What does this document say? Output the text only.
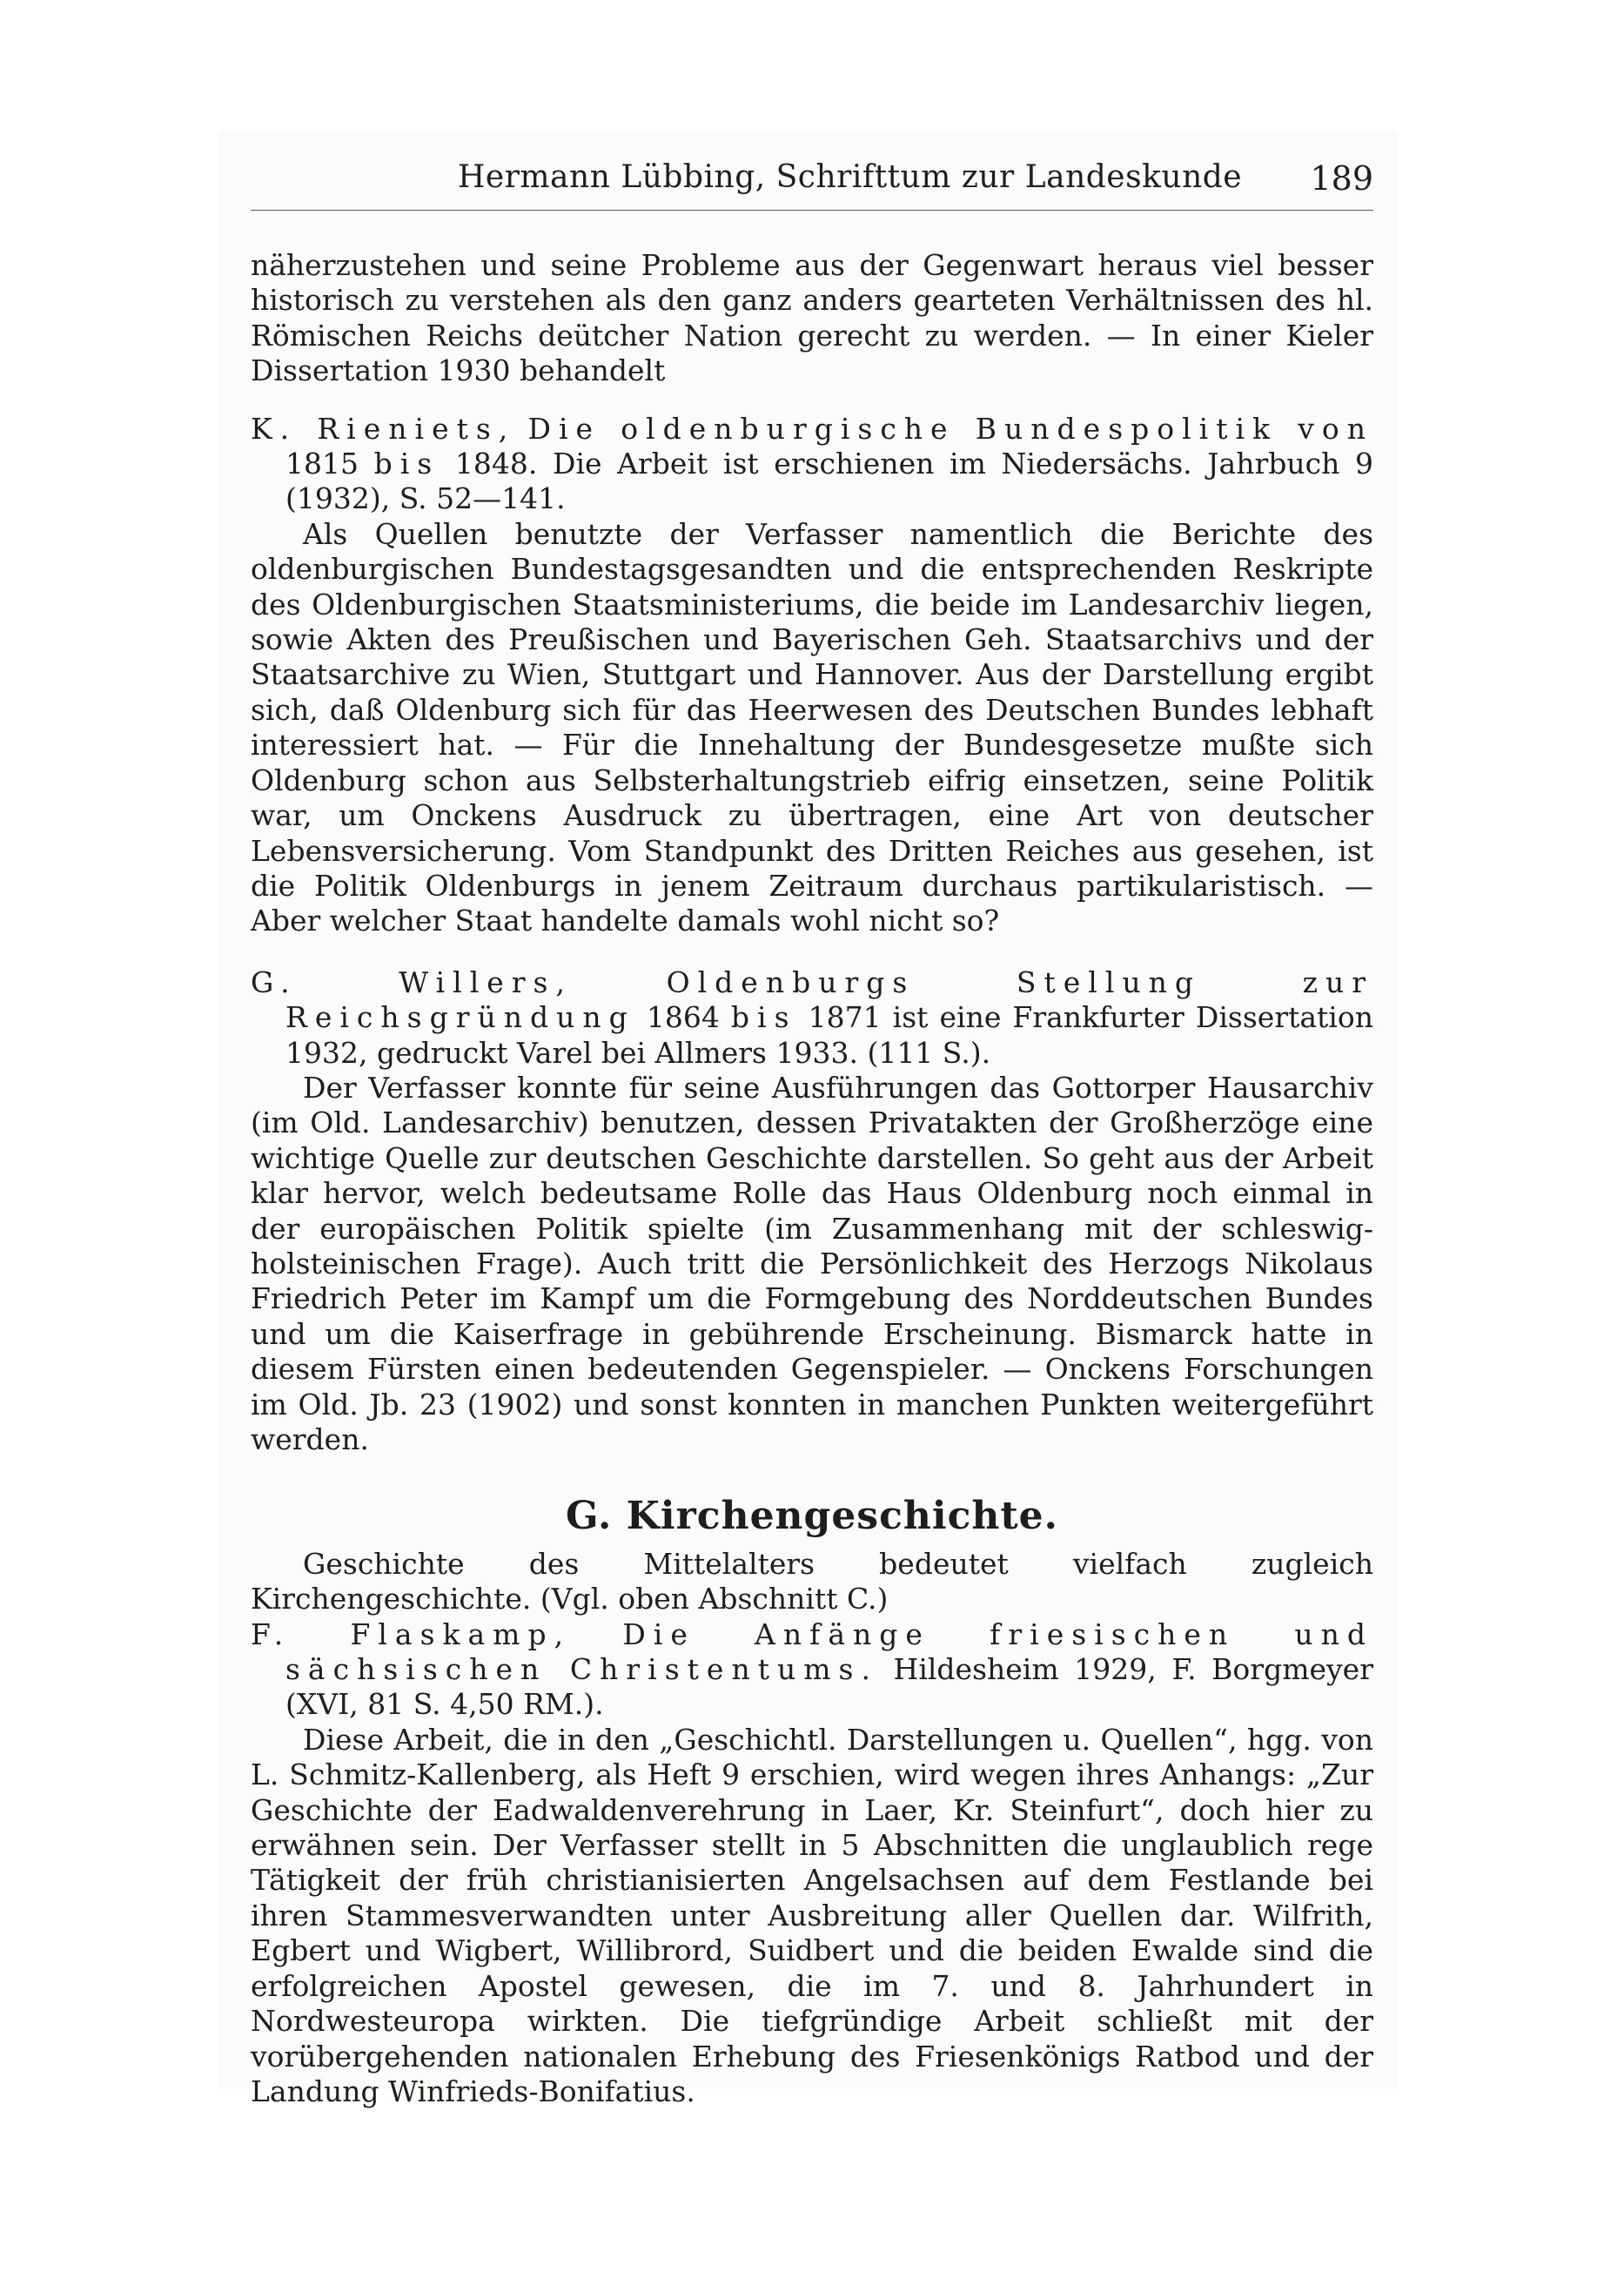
Hermann Lübbing, Schrifttum zur Landeskunde 189

näherzustehen und seine Probleme aus der Gegenwart heraus viel besser historisch zu verstehen als den ganz anders gearteten Verhältnissen des hl. Römischen Reichs deütcher Nation gerecht zu werden. — In einer Kieler Dissertation 1930 behandelt

K. Rieniets, Die oldenburgische Bundespolitik von 1815 bis 1848. Die Arbeit ist erschienen im Niedersächs. Jahrbuch 9 (1932), S. 52—141.

Als Quellen benutzte der Verfasser namentlich die Berichte des oldenburgischen Bundestagsgesandten und die entsprechenden Reskripte des Oldenburgischen Staatsministeriums, die beide im Landesarchiv liegen, sowie Akten des Preußischen und Bayerischen Geh. Staatsarchivs und der Staatsarchive zu Wien, Stuttgart und Hannover. Aus der Darstellung ergibt sich, daß Oldenburg sich für das Heerwesen des Deutschen Bundes lebhaft interessiert hat. — Für die Innehaltung der Bundesgesetze mußte sich Oldenburg schon aus Selbsterhaltungstrieb eifrig einsetzen, seine Politik war, um Onckens Ausdruck zu übertragen, eine Art von deutscher Lebensversicherung. Vom Standpunkt des Dritten Reiches aus gesehen, ist die Politik Oldenburgs in jenem Zeitraum durchaus partikularistisch. — Aber welcher Staat handelte damals wohl nicht so?

G. Willers,	Oldenburgs Stellung zur Reichsgründung 1864 bis 1871 ist eine Frankfurter Dissertation 1932, gedruckt Varel bei Allmers 1933. (111 S.).

Der Verfasser konnte für seine Ausführungen das Gottorper Hausarchiv (im Old. Landesarchiv) benutzen, dessen Privatakten der Großherzöge eine wichtige Quelle zur deutschen Geschichte darstellen. So geht aus der Arbeit klar hervor, welch bedeutsame Rolle das Haus Oldenburg noch einmal in der europäischen Politik spielte (im Zusammenhang mit der schleswig-holsteinischen Frage). Auch tritt die Persönlichkeit des Herzogs Nikolaus Friedrich Peter im Kampf um die Formgebung des Norddeutschen Bundes und um die Kaiserfrage in gebührende Erscheinung. Bismarck hatte in diesem Fürsten einen bedeutenden Gegenspieler. — Onckens Forschungen im Old. Jb. 23 (1902) und sonst konnten in manchen Punkten weitergeführt werden.

G. Kirchengeschichte.

Geschichte des Mittelalters bedeutet vielfach zugleich Kirchengeschichte. (Vgl. oben Abschnitt C.)

F. Flaskamp, Die Anfänge friesischen und sächsischen Christentums. Hildesheim 1929, F. Borgmeyer (XVI, 81 S. 4,50 RM.).

Diese Arbeit, die in den „Geschichtl. Darstellungen u. Quellen“, hgg. von L. Schmitz-Kallenberg, als Heft 9 erschien, wird wegen ihres Anhangs: „Zur Geschichte der Eadwaldenverehrung in Laer, Kr. Steinfurt“, doch hier zu erwähnen sein. Der Verfasser stellt in 5 Abschnitten die unglaublich rege Tätigkeit der früh christianisierten Angelsachsen auf dem Festlande bei ihren Stammesverwandten unter Ausbreitung aller Quellen dar. Wilfrith, Egbert und Wigbert, Willibrord, Suidbert und die beiden Ewalde sind die erfolgreichen Apostel gewesen, die im 7. und 8. Jahrhundert in Nordwesteuropa wirkten. Die tiefgründige Arbeit schließt mit der vorübergehenden nationalen Erhebung des Friesenkönigs Ratbod und der Landung Winfrieds-Bonifatius.
